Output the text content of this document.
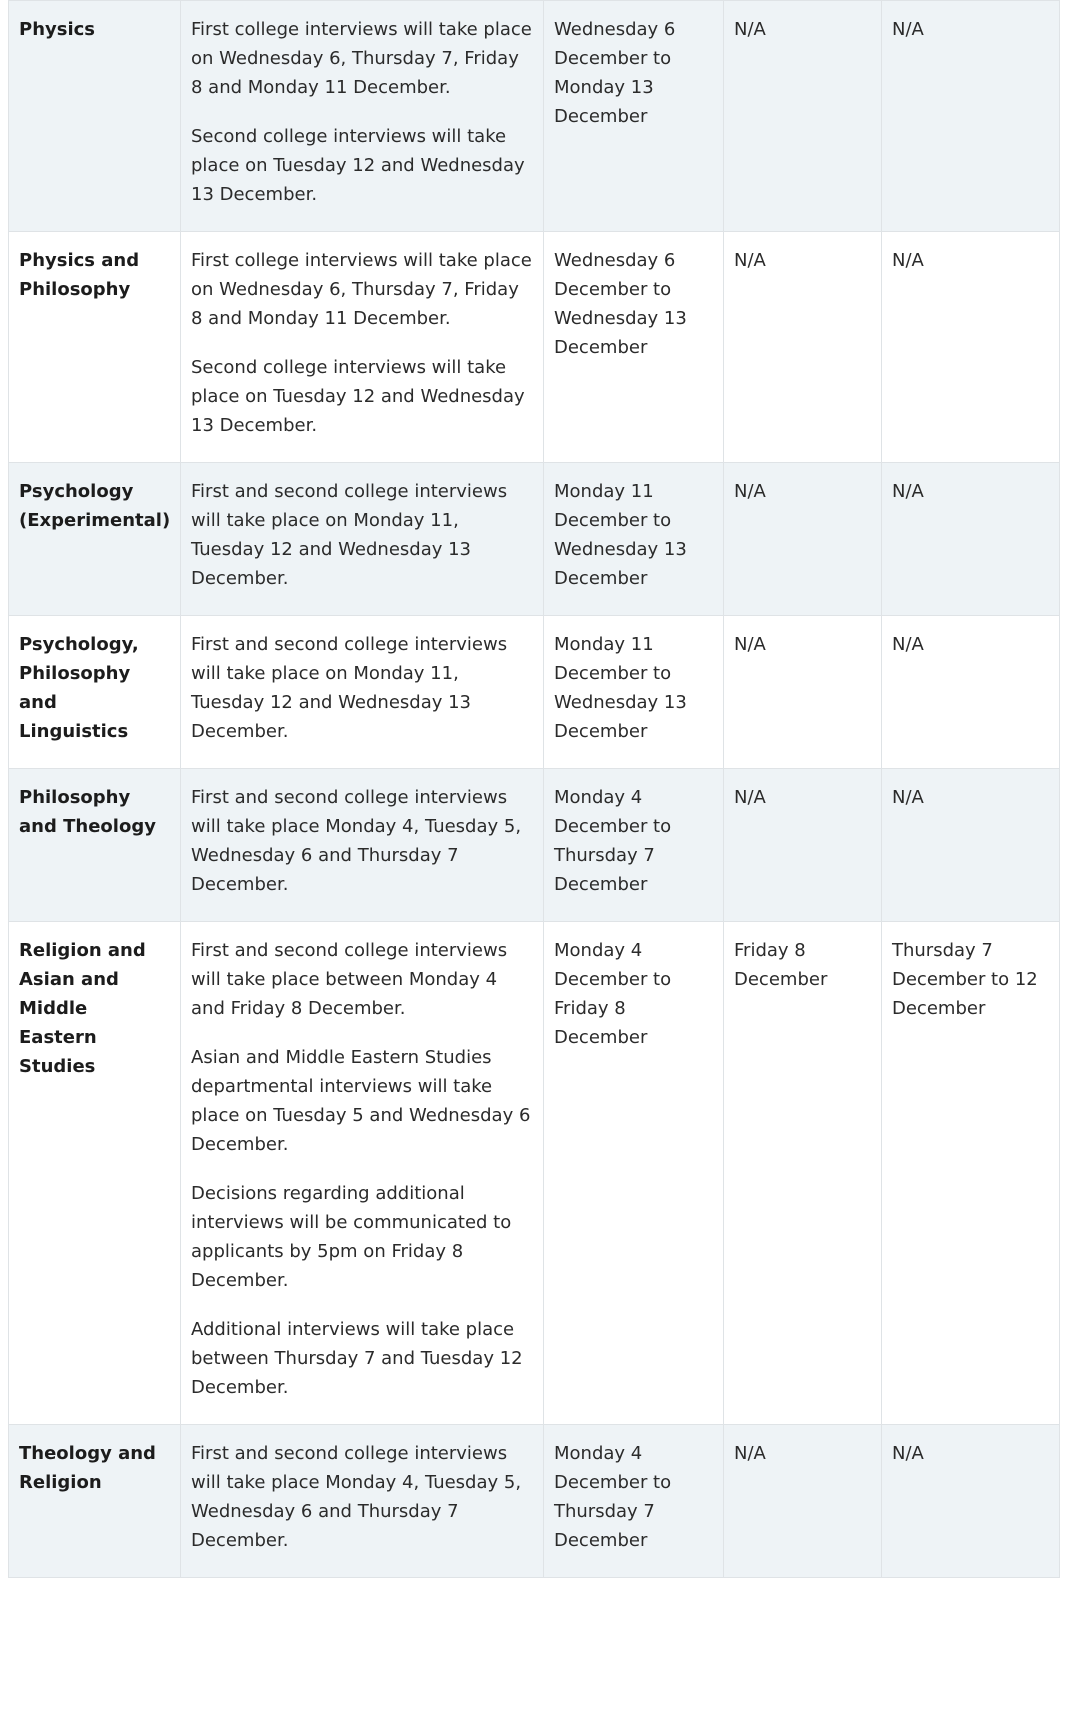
Physics	First college interviews will take place on Wednesday 6, Thursday 7, Friday 8 and Monday 11 December.
Second college interviews will take place on Tuesday 12 and Wednesday 13 December.	Wednesday 6 December to Monday 13 December	N/A	N/A
Physics and Philosophy	First college interviews will take place on Wednesday 6, Thursday 7, Friday 8 and Monday 11 December.
Second college interviews will take place on Tuesday 12 and Wednesday 13 December.	Wednesday 6 December to Wednesday 13 December	N/A	N/A
Psychology (Experimental)	First and second college interviews will take place on Monday 11, Tuesday 12 and Wednesday 13 December.	Monday 11 December to Wednesday 13 December	N/A	N/A
Psychology, Philosophy and Linguistics	First and second college interviews will take place on Monday 11, Tuesday 12 and Wednesday 13 December.	Monday 11 December to Wednesday 13 December	N/A	N/A
Philosophy and Theology	First and second college interviews will take place Monday 4, Tuesday 5, Wednesday 6 and Thursday 7 December.	Monday 4 December to Thursday 7 December	N/A	N/A
Religion and Asian and Middle Eastern Studies	First and second college interviews will take place between Monday 4 and Friday 8 December.
Asian and Middle Eastern Studies departmental interviews will take place on Tuesday 5 and Wednesday 6 December.
Decisions regarding additional interviews will be communicated to applicants by 5pm on Friday 8 December.
Additional interviews will take place between Thursday 7 and Tuesday 12 December.	Monday 4 December to Friday 8 December	Friday 8 December	Thursday 7 December to 12 December
Theology and Religion	First and second college interviews will take place Monday 4, Tuesday 5, Wednesday 6 and Thursday 7 December.	Monday 4 December to Thursday 7 December	N/A	N/A
